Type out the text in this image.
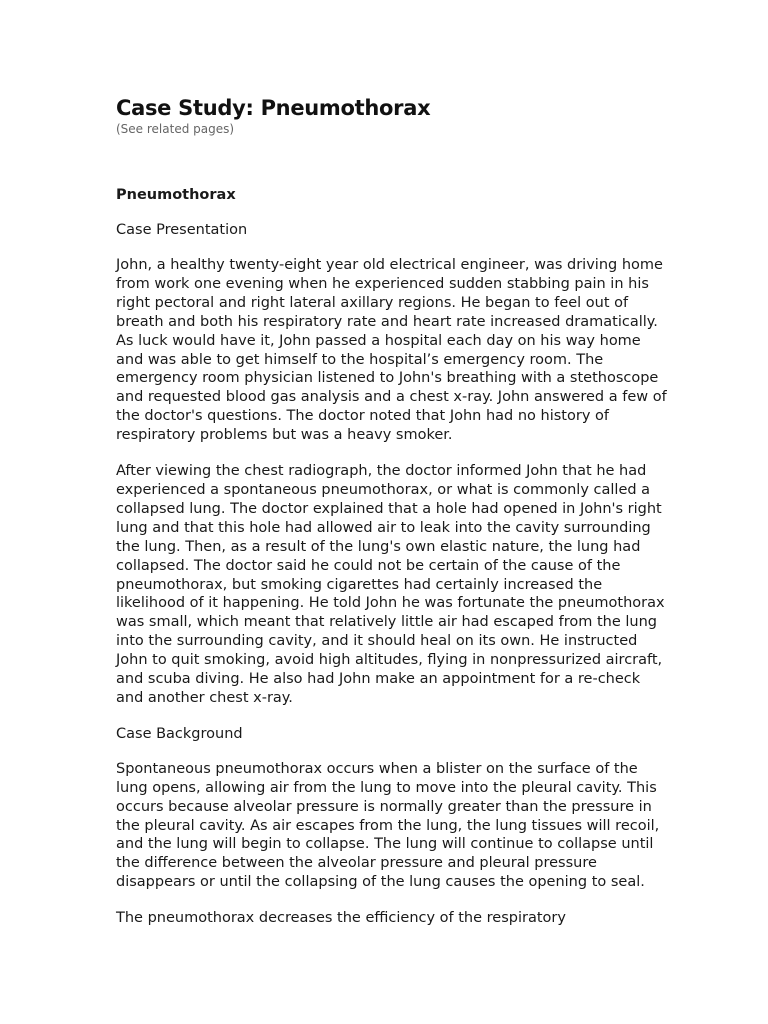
Case Study: Pneumothorax
(See related pages)
Pneumothorax
Case Presentation

John, a healthy twenty-eight year old electrical engineer, was driving home from work one evening when he experienced sudden stabbing pain in his right pectoral and right lateral axillary regions. He began to feel out of breath and both his respiratory rate and heart rate increased dramatically. As luck would have it, John passed a hospital each day on his way home and was able to get himself to the hospital’s emergency room. The emergency room physician listened to John's breathing with a stethoscope and requested blood gas analysis and a chest x-ray. John answered a few of the doctor's questions. The doctor noted that John had no history of respiratory problems but was a heavy smoker.

After viewing the chest radiograph, the doctor informed John that he had experienced a spontaneous pneumothorax, or what is commonly called a collapsed lung. The doctor explained that a hole had opened in John's right lung and that this hole had allowed air to leak into the cavity surrounding the lung. Then, as a result of the lung's own elastic nature, the lung had collapsed. The doctor said he could not be certain of the cause of the pneumothorax, but smoking cigarettes had certainly increased the likelihood of it happening. He told John he was fortunate the pneumothorax was small, which meant that relatively little air had escaped from the lung into the surrounding cavity, and it should heal on its own. He instructed John to quit smoking, avoid high altitudes, flying in nonpressurized aircraft, and scuba diving. He also had John make an appointment for a re-check and another chest x-ray.

Case Background

Spontaneous pneumothorax occurs when a blister on the surface of the lung opens, allowing air from the lung to move into the pleural cavity. This occurs because alveolar pressure is normally greater than the pressure in the pleural cavity. As air escapes from the lung, the lung tissues will recoil, and the lung will begin to collapse. The lung will continue to collapse until the difference between the alveolar pressure and pleural pressure disappears or until the collapsing of the lung causes the opening to seal.

The pneumothorax decreases the efficiency of the respiratory
